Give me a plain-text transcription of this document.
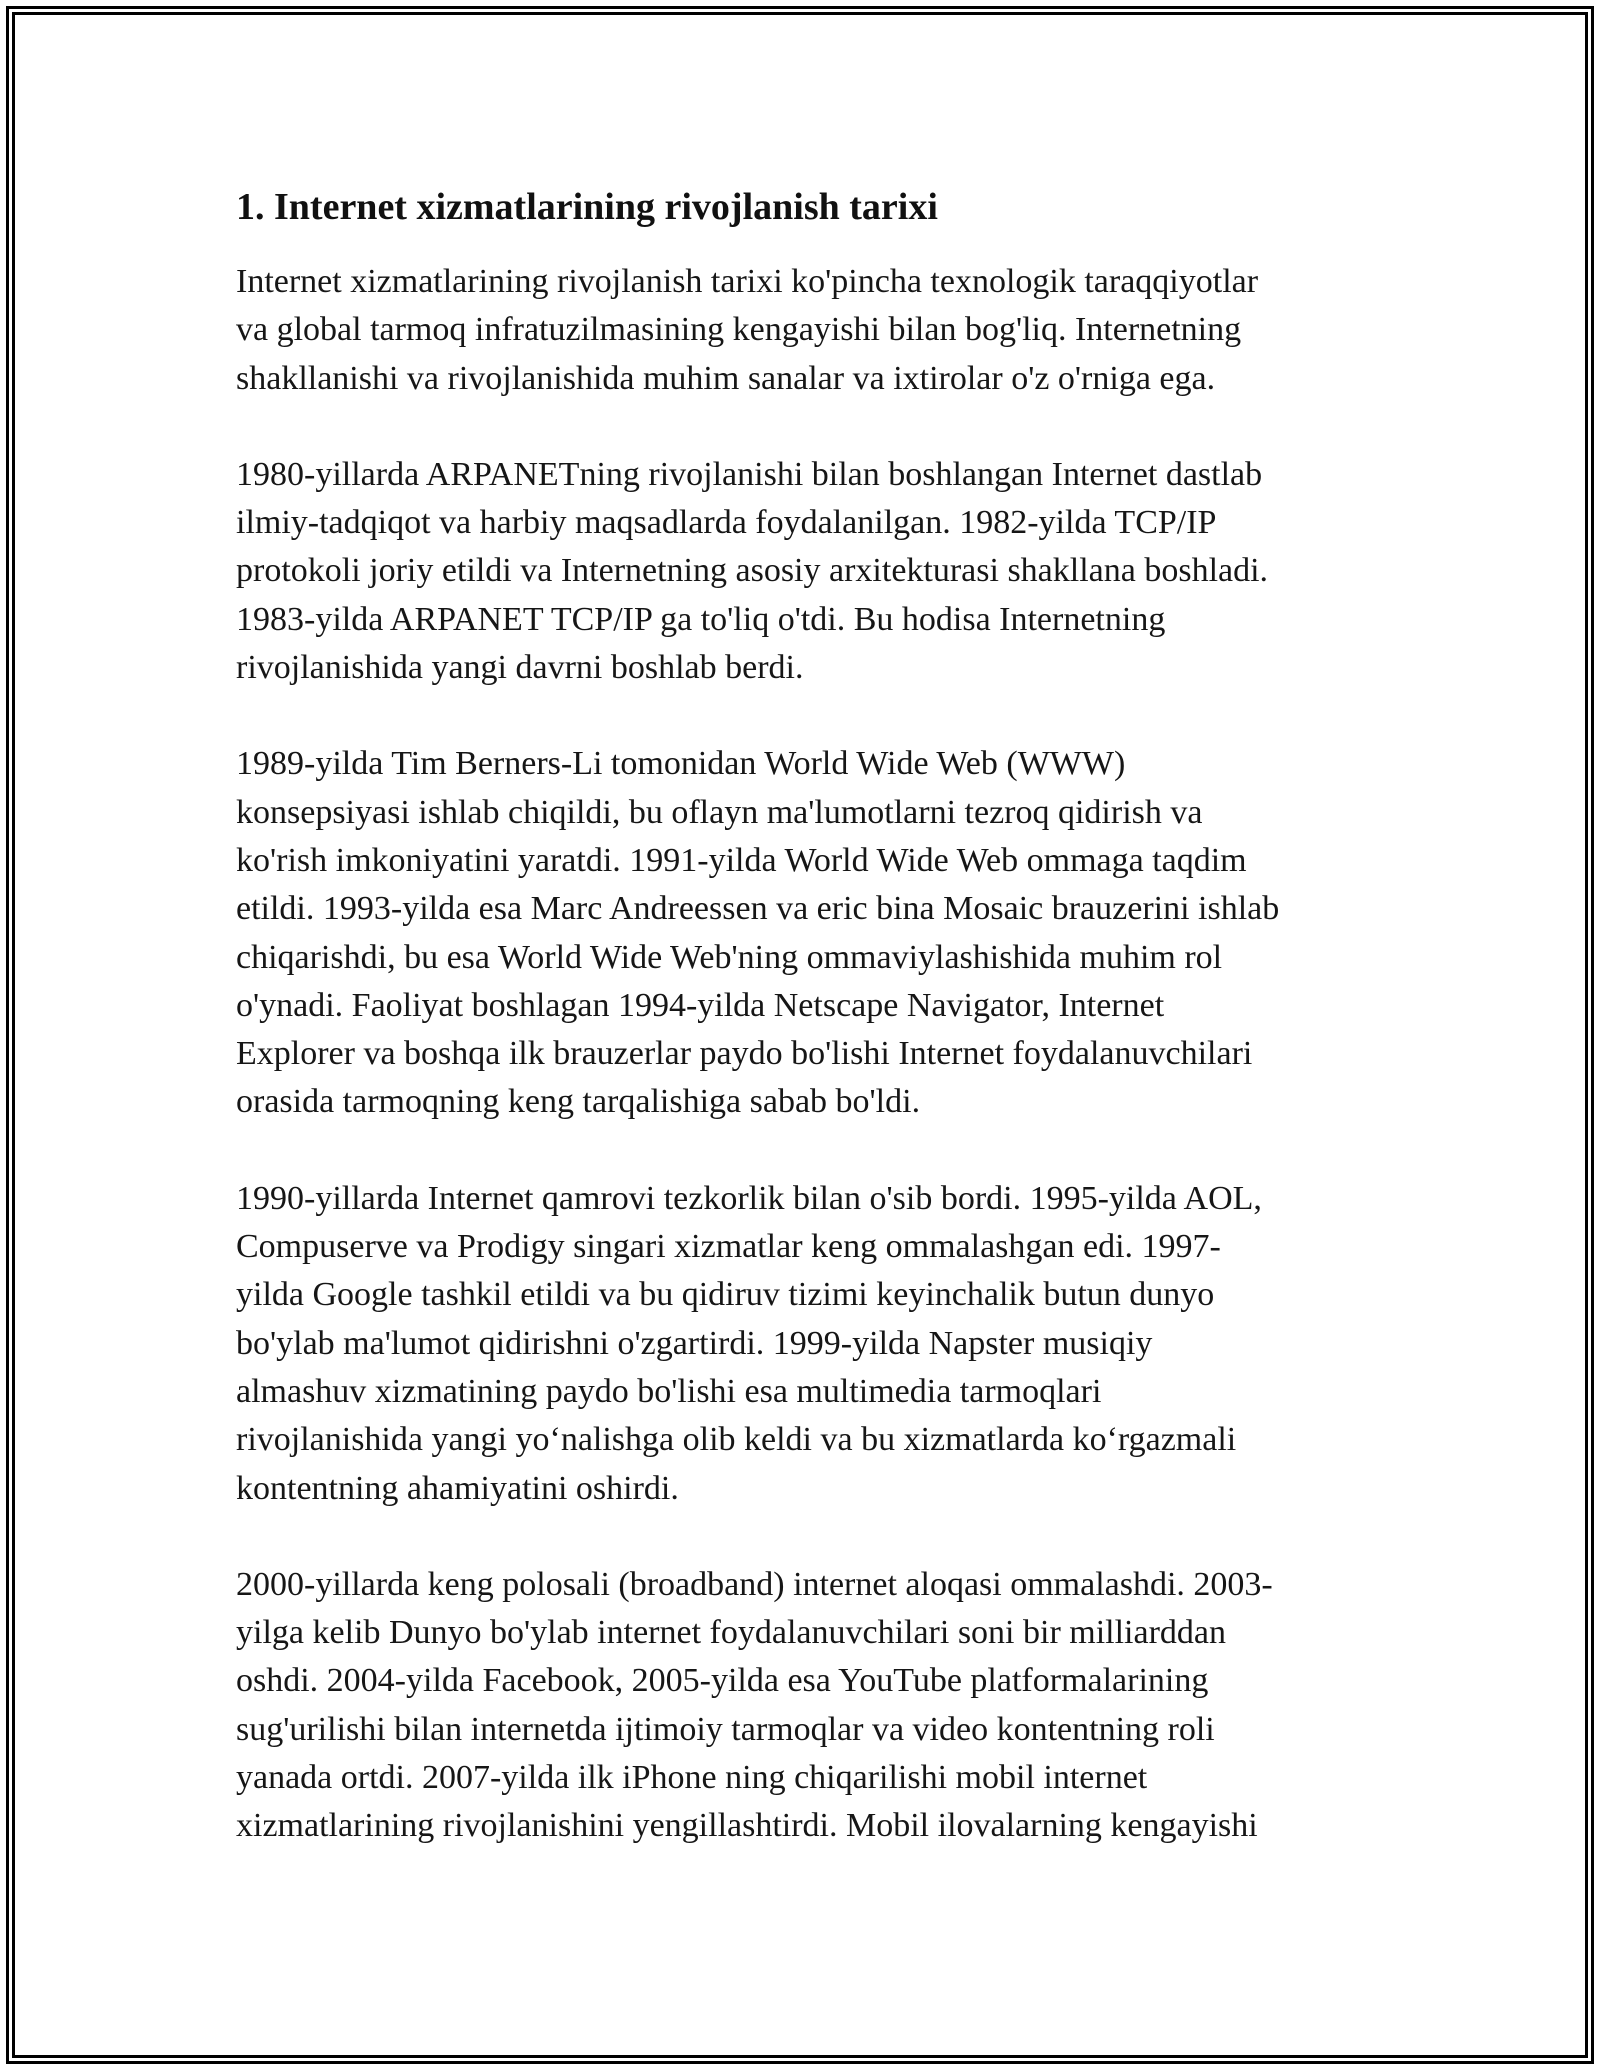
1. Internet xizmatlarining rivojlanish tarixi

Internet xizmatlarining rivojlanish tarixi ko'pincha texnologik taraqqiyotlar
va global tarmoq infratuzilmasining kengayishi bilan bog'liq. Internetning
shakllanishi va rivojlanishida muhim sanalar va ixtirolar o'z o'rniga ega.

1980-yillarda ARPANETning rivojlanishi bilan boshlangan Internet dastlab
ilmiy-tadqiqot va harbiy maqsadlarda foydalanilgan. 1982-yilda TCP/IP
protokoli joriy etildi va Internetning asosiy arxitekturasi shakllana boshladi.
1983-yilda ARPANET TCP/IP ga to'liq o'tdi. Bu hodisa Internetning
rivojlanishida yangi davrni boshlab berdi.

1989-yilda Tim Berners-Li tomonidan World Wide Web (WWW)
konsepsiyasi ishlab chiqildi, bu oflayn ma'lumotlarni tezroq qidirish va
ko'rish imkoniyatini yaratdi. 1991-yilda World Wide Web ommaga taqdim
etildi. 1993-yilda esa Marc Andreessen va eric bina Mosaic brauzerini ishlab
chiqarishdi, bu esa World Wide Web'ning ommaviylashishida muhim rol
o'ynadi. Faoliyat boshlagan 1994-yilda Netscape Navigator, Internet
Explorer va boshqa ilk brauzerlar paydo bo'lishi Internet foydalanuvchilari
orasida tarmoqning keng tarqalishiga sabab bo'ldi.

1990-yillarda Internet qamrovi tezkorlik bilan o'sib bordi. 1995-yilda AOL,
Compuserve va Prodigy singari xizmatlar keng ommalashgan edi. 1997-
yilda Google tashkil etildi va bu qidiruv tizimi keyinchalik butun dunyo
bo'ylab ma'lumot qidirishni o'zgartirdi. 1999-yilda Napster musiqiy
almashuv xizmatining paydo bo'lishi esa multimedia tarmoqlari
rivojlanishida yangi yo‘nalishga olib keldi va bu xizmatlarda ko‘rgazmali
kontentning ahamiyatini oshirdi.

2000-yillarda keng polosali (broadband) internet aloqasi ommalashdi. 2003-
yilga kelib Dunyo bo'ylab internet foydalanuvchilari soni bir milliarddan
oshdi. 2004-yilda Facebook, 2005-yilda esa YouTube platformalarining
sug'urilishi bilan internetda ijtimoiy tarmoqlar va video kontentning roli
yanada ortdi. 2007-yilda ilk iPhone ning chiqarilishi mobil internet
xizmatlarining rivojlanishini yengillashtirdi. Mobil ilovalarning kengayishi
